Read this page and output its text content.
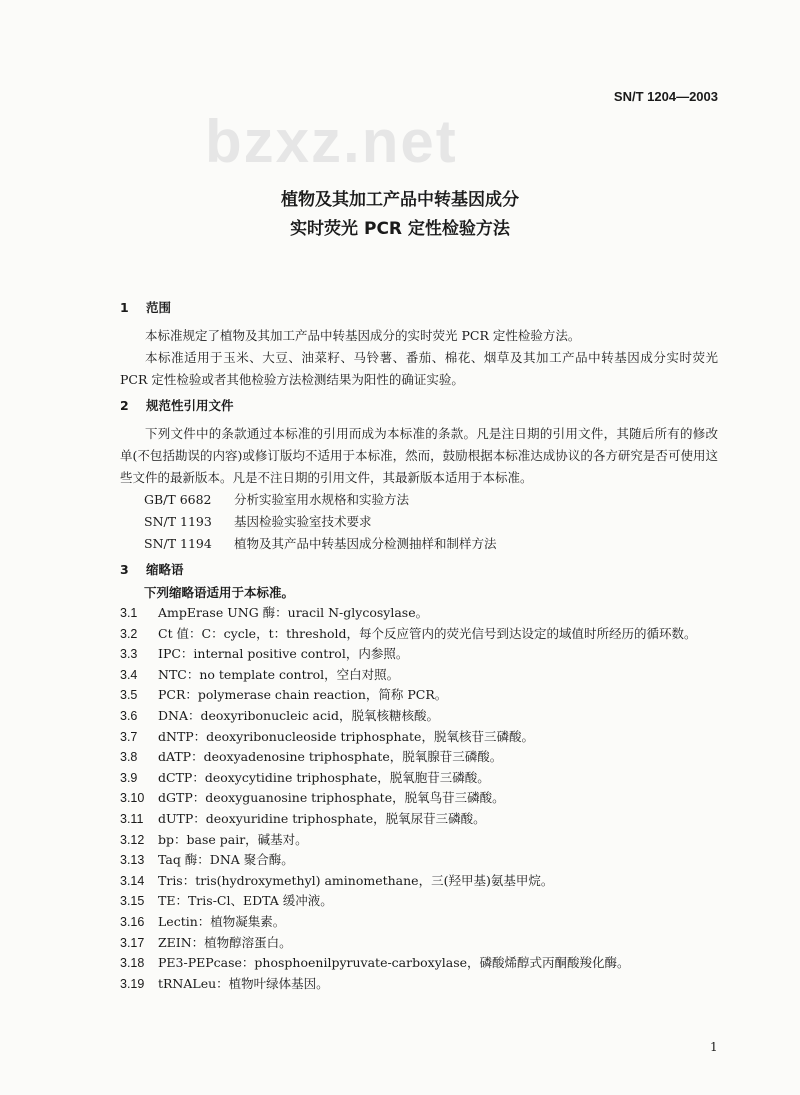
bzxz.net
SN/T 1204—2003
植物及其加工产品中转基因成分
实时荧光 PCR 定性检验方法
1 范围

本标准规定了植物及其加工产品中转基因成分的实时荧光 PCR 定性检验方法。

本标准适用于玉米、大豆、油菜籽、马铃薯、番茄、棉花、烟草及其加工产品中转基因成分实时荧光 PCR 定性检验或者其他检验方法检测结果为阳性的确证实验。

2 规范性引用文件

下列文件中的条款通过本标准的引用而成为本标准的条款。凡是注日期的引用文件，其随后所有的修改单(不包括勘误的内容)或修订版均不适用于本标准，然而，鼓励根据本标准达成协议的各方研究是否可使用这些文件的最新版本。凡是不注日期的引用文件，其最新版本适用于本标准。

GB/T 6682 分析实验室用水规格和实验方法
SN/T 1193 基因检验实验室技术要求
SN/T 1194 植物及其产品中转基因成分检测抽样和制样方法
3 缩略语
下列缩略语适用于本标准。
3.1 AmpErase UNG 酶：uracil N-glycosylase。
3.2 Ct 值：C：cycle，t：threshold，每个反应管内的荧光信号到达设定的域值时所经历的循环数。
3.3 IPC：internal positive control，内参照。
3.4 NTC：no template control，空白对照。
3.5 PCR：polymerase chain reaction，简称 PCR。
3.6 DNA：deoxyribonucleic acid，脱氧核糖核酸。
3.7 dNTP：deoxyribonucleoside triphosphate，脱氧核苷三磷酸。
3.8 dATP：deoxyadenosine triphosphate，脱氧腺苷三磷酸。
3.9 dCTP：deoxycytidine triphosphate，脱氧胞苷三磷酸。
3.10 dGTP：deoxyguanosine triphosphate，脱氧鸟苷三磷酸。
3.11 dUTP：deoxyuridine triphosphate，脱氧尿苷三磷酸。
3.12 bp：base pair，碱基对。
3.13 Taq 酶：DNA 聚合酶。
3.14 Tris：tris(hydroxymethyl) aminomethane，三(羟甲基)氨基甲烷。
3.15 TE：Tris-Cl、EDTA 缓冲液。
3.16 Lectin：植物凝集素。
3.17 ZEIN：植物醇溶蛋白。
3.18 PE3-PEPcase：phosphoenilpyruvate-carboxylase，磷酸烯醇式丙酮酸羧化酶。
3.19 tRNALeu：植物叶绿体基因。
1
